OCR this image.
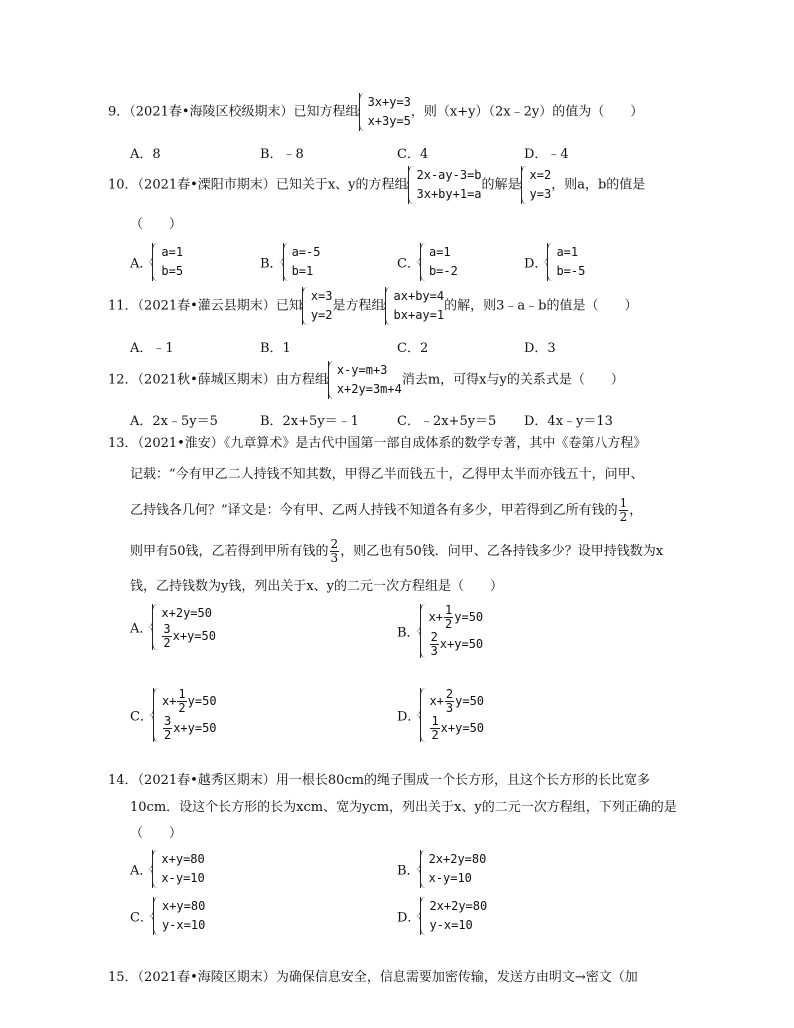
9．（2021春•海陵区校级期末）已知方程组
3x+y=3
x+3y=5
，则（x+y）（2x﹣2y）的值为（　　）
A．8	B．﹣8	C．4	D．﹣4
10．（2021春•溧阳市期末）已知关于x、y的方程组
2x-ay-3=b
3x+by+1=a
的解是
x=2
y=3
，则a，b的值是
（　　）
A．
a=1
b=5	B．
a=-5
b=1	C．
a=1
b=-2	D．
a=1
b=-5
11．（2021春•灌云县期末）已知
x=3
y=2
是方程组
ax+by=4
bx+ay=1
的解，则3﹣a﹣b的值是（　　）
A．﹣1	B．1	C．2	D．3
12．（2021秋•薛城区期末）由方程组
x-y=m+3
x+2y=3m+4
消去m，可得x与y的关系式是（　　）
A．2x﹣5y＝5	B．2x+5y＝﹣1	C．﹣2x+5y＝5 D．4x﹣y＝13
13．（2021•淮安）《九章算术》是古代中国第一部自成体系的数学专著，其中《卷第八方程》
记载：“今有甲乙二人持钱不知其数，甲得乙半而钱五十，乙得甲太半而亦钱五十，问甲、
乙持钱各几何？”译文是：今有甲、乙两人持钱不知道各有多少，甲若得到乙所有钱的 $\frac{1}{2}$ ，
则甲有50钱，乙若得到甲所有钱的 $\frac{2}{3}$ ，则乙也有50钱．问甲、乙各持钱多少？设甲持钱数为x
钱，乙持钱数为y钱，列出关于x、y的二元一次方程组是（　　）
A．
x+2y=50
$\frac{3}{2} x+y=50$	B．
$x+ \frac{1}{2} y=50$
$\frac{2}{3} x+y=50$
C．
$x+ \frac{1}{2} y=50$
$\frac{3}{2} x+y=50$
D．
$x+ \frac{2}{3} y=50$
$\frac{1}{2} x+y=50$
14．（2021春•越秀区期末）用一根长80cm的绳子围成一个长方形，且这个长方形的长比宽多
10cm．设这个长方形的长为xcm、宽为ycm，列出关于x、y的二元一次方程组，下列正确的是
（　　）
A．
x+y=80
x-y=10	B．
2x+2y=80
x-y=10
C．
x+y=80
y-x=10	D．
2x+2y=80
y-x=10
15．（2021春•海陵区期末）为确保信息安全，信息需要加密传输，发送方由明文→密文（加
